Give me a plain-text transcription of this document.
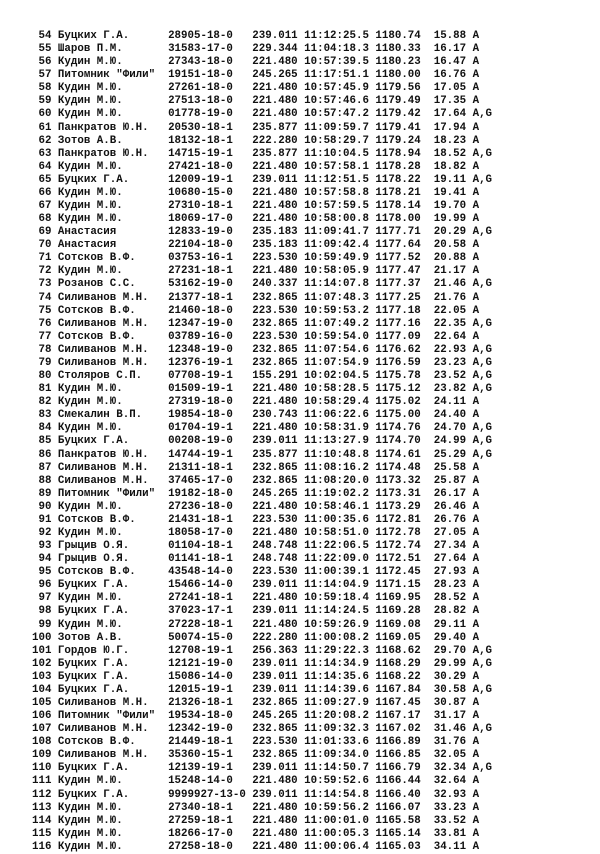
54 Буцких Г.А.      28905-18-0   239.011 11:12:25.5 1180.74  15.88 A
55 Шаров П.М.       31583-17-0   229.344 11:04:18.3 1180.33  16.17 A
56 Кудин М.Ю.       27343-18-0   221.480 10:57:39.5 1180.23  16.47 A
57 Питомник "Фили"  19151-18-0   245.265 11:17:51.1 1180.00  16.76 A
58 Кудин М.Ю.       27261-18-0   221.480 10:57:45.9 1179.56  17.05 A
59 Кудин М.Ю.       27513-18-0   221.480 10:57:46.6 1179.49  17.35 A
60 Кудин М.Ю.       01778-19-0   221.480 10:57:47.2 1179.42  17.64 A,G
61 Панкратов Ю.Н.   20530-18-1   235.877 11:09:59.7 1179.41  17.94 A
62 Зотов А.В.       18132-18-1   222.280 10:58:29.7 1179.24  18.23 A
63 Панкратов Ю.Н.   14715-19-1   235.877 11:10:04.5 1178.94  18.52 A,G
64 Кудин М.Ю.       27421-18-0   221.480 10:57:58.1 1178.28  18.82 A
65 Буцких Г.А.      12009-19-1   239.011 11:12:51.5 1178.22  19.11 A,G
66 Кудин М.Ю.       10680-15-0   221.480 10:57:58.8 1178.21  19.41 A
67 Кудин М.Ю.       27310-18-1   221.480 10:57:59.5 1178.14  19.70 A
68 Кудин М.Ю.       18069-17-0   221.480 10:58:00.8 1178.00  19.99 A
69 Анастасия        12833-19-0   235.183 11:09:41.7 1177.71  20.29 A,G
70 Анастасия        22104-18-0   235.183 11:09:42.4 1177.64  20.58 A
71 Сотсков В.Ф.     03753-16-1   223.530 10:59:49.9 1177.52  20.88 A
72 Кудин М.Ю.       27231-18-1   221.480 10:58:05.9 1177.47  21.17 A
73 Розанов С.С.     53162-19-0   240.337 11:14:07.8 1177.37  21.46 A,G
74 Силиванов М.Н.   21377-18-1   232.865 11:07:48.3 1177.25  21.76 A
75 Сотсков В.Ф.     21460-18-0   223.530 10:59:53.2 1177.18  22.05 A
76 Силиванов М.Н.   12347-19-0   232.865 11:07:49.2 1177.16  22.35 A,G
77 Сотсков В.Ф.     03789-16-0   223.530 10:59:54.0 1177.09  22.64 A
78 Силиванов М.Н.   12348-19-0   232.865 11:07:54.6 1176.62  22.93 A,G
79 Силиванов М.Н.   12376-19-1   232.865 11:07:54.9 1176.59  23.23 A,G
80 Столяров С.П.    07708-19-1   155.291 10:02:04.5 1175.78  23.52 A,G
81 Кудин М.Ю.       01509-19-1   221.480 10:58:28.5 1175.12  23.82 A,G
82 Кудин М.Ю.       27319-18-0   221.480 10:58:29.4 1175.02  24.11 A
83 Смекалин В.П.    19854-18-0   230.743 11:06:22.6 1175.00  24.40 A
84 Кудин М.Ю.       01704-19-1   221.480 10:58:31.9 1174.76  24.70 A,G
85 Буцких Г.А.      00208-19-0   239.011 11:13:27.9 1174.70  24.99 A,G
86 Панкратов Ю.Н.   14744-19-1   235.877 11:10:48.8 1174.61  25.29 A,G
87 Силиванов М.Н.   21311-18-1   232.865 11:08:16.2 1174.48  25.58 A
88 Силиванов М.Н.   37465-17-0   232.865 11:08:20.0 1173.32  25.87 A
89 Питомник "Фили"  19182-18-0   245.265 11:19:02.2 1173.31  26.17 A
90 Кудин М.Ю.       27236-18-0   221.480 10:58:46.1 1173.29  26.46 A
91 Сотсков В.Ф.     21431-18-1   223.530 11:00:35.6 1172.81  26.76 A
92 Кудин М.Ю.       18058-17-0   221.480 10:58:51.0 1172.78  27.05 A
93 Грыцив О.Я.      01104-18-1   248.748 11:22:06.5 1172.74  27.34 A
94 Грыцив О.Я.      01141-18-1   248.748 11:22:09.0 1172.51  27.64 A
95 Сотсков В.Ф.     43548-14-0   223.530 11:00:39.1 1172.45  27.93 A
96 Буцких Г.А.      15466-14-0   239.011 11:14:04.9 1171.15  28.23 A
97 Кудин М.Ю.       27241-18-1   221.480 10:59:18.4 1169.95  28.52 A
98 Буцких Г.А.      37023-17-1   239.011 11:14:24.5 1169.28  28.82 A
99 Кудин М.Ю.       27228-18-1   221.480 10:59:26.9 1169.08  29.11 A
100 Зотов А.В.       50074-15-0   222.280 11:00:08.2 1169.05  29.40 A
101 Гордов Ю.Г.      12708-19-1   256.363 11:29:22.3 1168.62  29.70 A,G
102 Буцких Г.А.      12121-19-0   239.011 11:14:34.9 1168.29  29.99 A,G
103 Буцких Г.А.      15086-14-0   239.011 11:14:35.6 1168.22  30.29 A
104 Буцких Г.А.      12015-19-1   239.011 11:14:39.6 1167.84  30.58 A,G
105 Силиванов М.Н.   21326-18-1   232.865 11:09:27.9 1167.45  30.87 A
106 Питомник "Фили"  19534-18-0   245.265 11:20:08.2 1167.17  31.17 A
107 Силиванов М.Н.   12342-19-0   232.865 11:09:32.3 1167.02  31.46 A,G
108 Сотсков В.Ф.     21449-18-1   223.530 11:01:33.6 1166.89  31.76 A
109 Силиванов М.Н.   35360-15-1   232.865 11:09:34.0 1166.85  32.05 A
110 Буцких Г.А.      12139-19-1   239.011 11:14:50.7 1166.79  32.34 A,G
111 Кудин М.Ю.       15248-14-0   221.480 10:59:52.6 1166.44  32.64 A
112 Буцких Г.А.      9999927-13-0 239.011 11:14:54.8 1166.40  32.93 A
113 Кудин М.Ю.       27340-18-1   221.480 10:59:56.2 1166.07  33.23 A
114 Кудин М.Ю.       27259-18-1   221.480 11:00:01.0 1165.58  33.52 A
115 Кудин М.Ю.       18266-17-0   221.480 11:00:05.3 1165.14  33.81 A
116 Кудин М.Ю.       27258-18-0   221.480 11:00:06.4 1165.03  34.11 A
